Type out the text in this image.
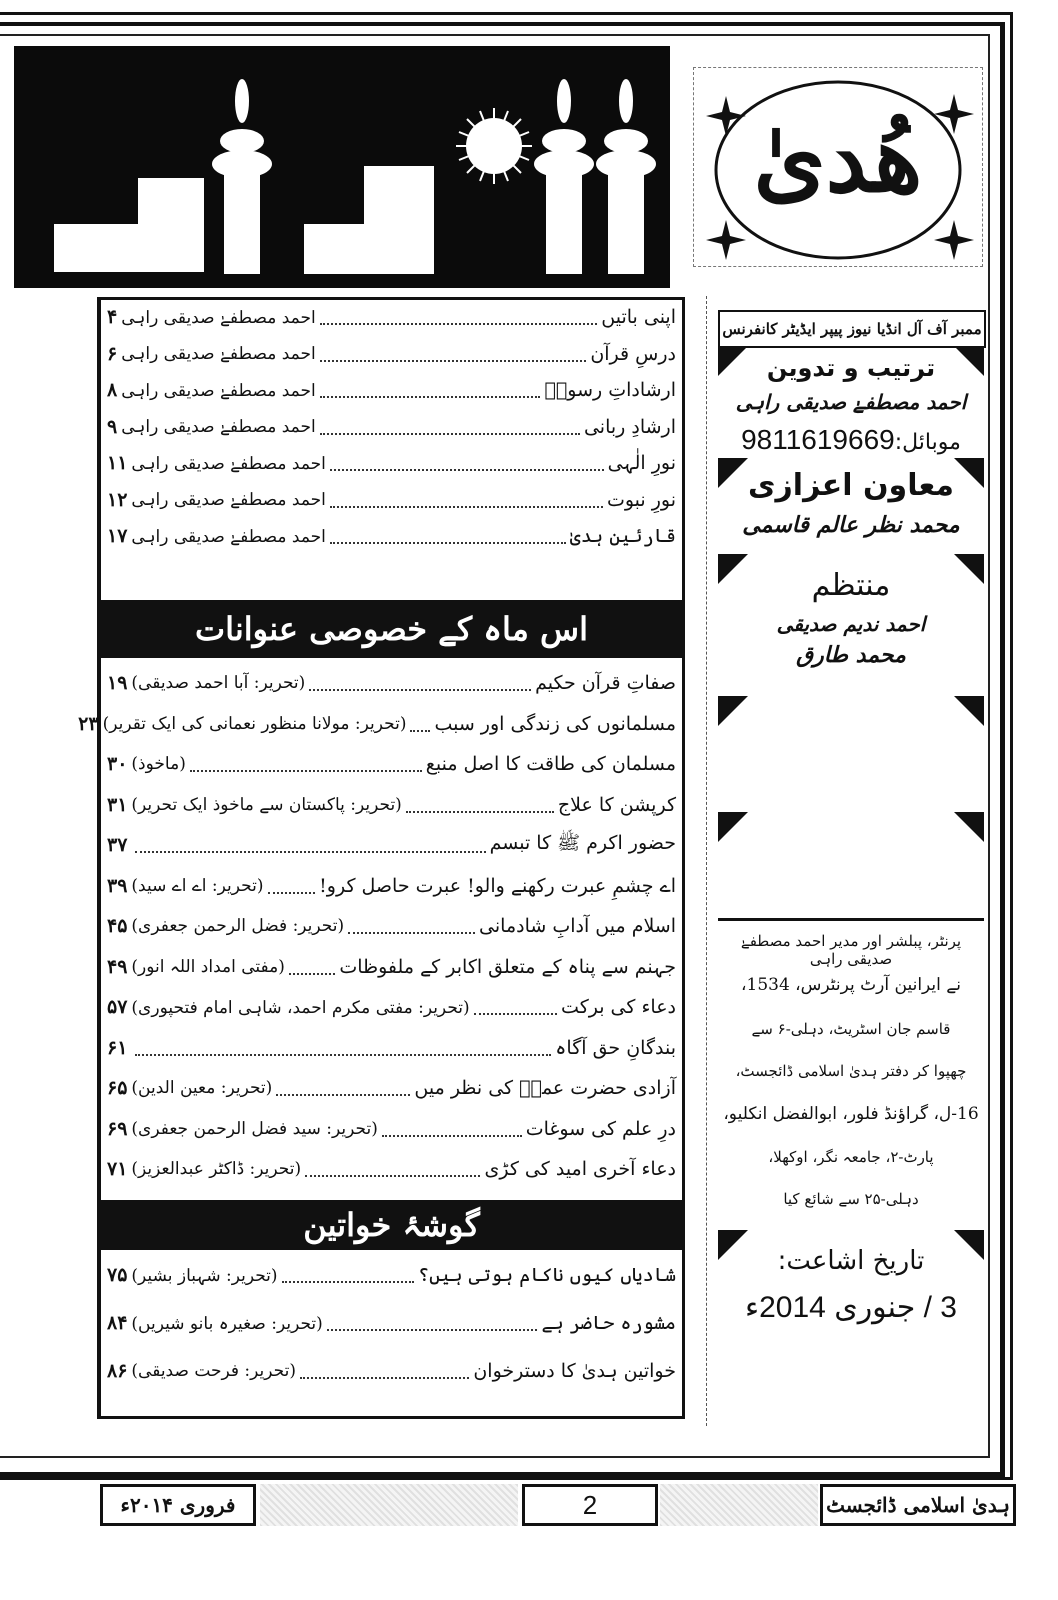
هُدیٰ
اپنی باتیں
احمد مصطفےٰ صدیقی راہی
۴
درسِ قرآن
احمد مصطفےٰ صدیقی راہی
۶
ارشاداتِ رسولؐ
احمد مصطفےٰ صدیقی راہی
۸
ارشادِ ربانی
احمد مصطفےٰ صدیقی راہی
۹
نورِ الٰہی
احمد مصطفےٰ صدیقی راہی
۱۱
نورِ نبوت
احمد مصطفےٰ صدیقی راہی
۱۲
قارئین ہدیٰ
احمد مصطفےٰ صدیقی راہی
۱۷
اس ماہ کے خصوصی عنوانات
صفاتِ قرآن حکیم
(تحریر: آبا احمد صدیقی)
۱۹
مسلمانوں کی زندگی اور سبب
(تحریر: مولانا منظور نعمانی کی ایک تقریر)
۲۳
مسلمان کی طاقت کا اصل منبع
(ماخوذ)
۳۰
کرپشن کا علاج
(تحریر: پاکستان سے ماخوذ ایک تحریر)
۳۱
حضور اکرم ﷺ کا تبسم
۳۷
اے چشمِ عبرت رکھنے والو! عبرت حاصل کرو!
(تحریر: اے اے سید)
۳۹
اسلام میں آدابِ شادمانی
(تحریر: فضل الرحمن جعفری)
۴۵
جہنم سے پناہ کے متعلق اکابر کے ملفوظات
(مفتی امداد اللہ انور)
۴۹
دعاء کی برکت
(تحریر: مفتی مکرم احمد، شاہی امام فتحپوری)
۵۷
بندگانِ حق آگاہ
۶۱
آزادی حضرت عمرؓ کی نظر میں
(تحریر: معین الدین)
۶۵
درِ علم کی سوغات
(تحریر: سید فضل الرحمن جعفری)
۶۹
دعاء آخری امید کی کڑی
(تحریر: ڈاکٹر عبدالعزیز)
۷۱
گوشۂ خواتین
شادیاں کیوں ناکام ہوتی ہیں؟
(تحریر: شہباز بشیر)
۷۵
مشورہ حاضر ہے
(تحریر: صغیرہ بانو شیریں)
۸۴
خواتین ہدیٰ کا دسترخوان
(تحریر: فرحت صدیقی)
۸۶
ممبر آف آل انڈیا نیوز پیپر ایڈیٹر کانفرنس
ترتیب و تدوین
احمد مصطفےٰ صدیقی راہی
موبائل:9811619669
معاون اعزازی
محمد نظر عالم قاسمی
منتظم
احمد ندیم صدیقی
محمد طارق
پرنٹر، پبلشر اور مدیر احمد مصطفےٰ صدیقی راہی
نے ایرانین آرٹ پرنٹرس، 1534،
قاسم جان اسٹریٹ، دہلی-۶ سے
چھپوا کر دفتر ہدیٰ اسلامی ڈائجسٹ،
16-ل، گراؤنڈ فلور، ابوالفضل انکلیو،
پارٹ-۲، جامعہ نگر، اوکھلا،
دہلی-۲۵ سے شائع کیا
تاریخ اشاعت:
3 / جنوری 2014ء
ہدیٰ اسلامی ڈائجسٹ
2
فروری ۲۰۱۴ء
